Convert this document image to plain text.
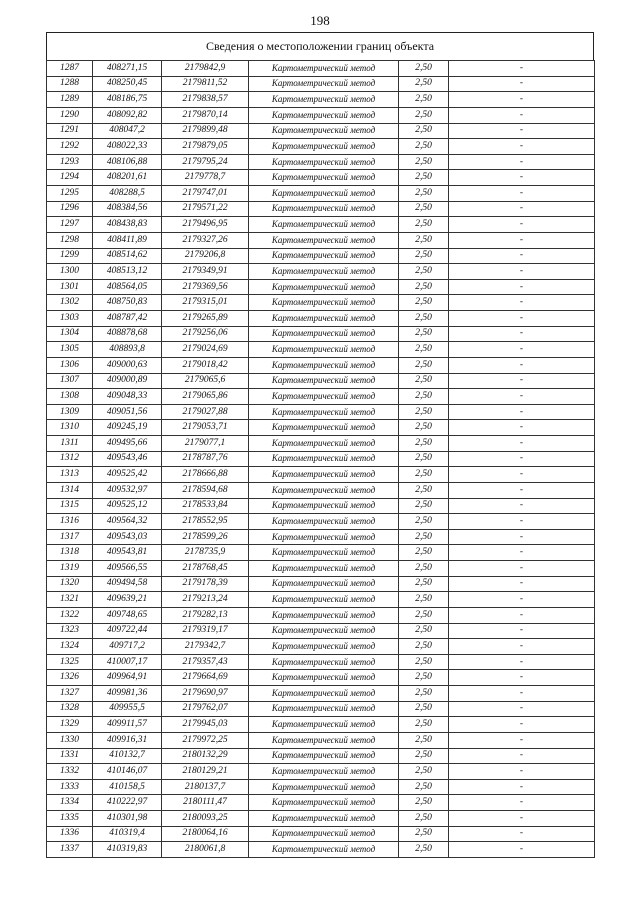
198
Сведения о местоположении границ объекта
1287	408271,15	2179842,9	Картометрический метод	2,50	-
1288	408250,45	2179811,52	Картометрический метод	2,50	-
1289	408186,75	2179838,57	Картометрический метод	2,50	-
1290	408092,82	2179870,14	Картометрический метод	2,50	-
1291	408047,2	2179899,48	Картометрический метод	2,50	-
1292	408022,33	2179879,05	Картометрический метод	2,50	-
1293	408106,88	2179795,24	Картометрический метод	2,50	-
1294	408201,61	2179778,7	Картометрический метод	2,50	-
1295	408288,5	2179747,01	Картометрический метод	2,50	-
1296	408384,56	2179571,22	Картометрический метод	2,50	-
1297	408438,83	2179496,95	Картометрический метод	2,50	-
1298	408411,89	2179327,26	Картометрический метод	2,50	-
1299	408514,62	2179206,8	Картометрический метод	2,50	-
1300	408513,12	2179349,91	Картометрический метод	2,50	-
1301	408564,05	2179369,56	Картометрический метод	2,50	-
1302	408750,83	2179315,01	Картометрический метод	2,50	-
1303	408787,42	2179265,89	Картометрический метод	2,50	-
1304	408878,68	2179256,06	Картометрический метод	2,50	-
1305	408893,8	2179024,69	Картометрический метод	2,50	-
1306	409000,63	2179018,42	Картометрический метод	2,50	-
1307	409000,89	2179065,6	Картометрический метод	2,50	-
1308	409048,33	2179065,86	Картометрический метод	2,50	-
1309	409051,56	2179027,88	Картометрический метод	2,50	-
1310	409245,19	2179053,71	Картометрический метод	2,50	-
1311	409495,66	2179077,1	Картометрический метод	2,50	-
1312	409543,46	2178787,76	Картометрический метод	2,50	-
1313	409525,42	2178666,88	Картометрический метод	2,50	-
1314	409532,97	2178594,68	Картометрический метод	2,50	-
1315	409525,12	2178533,84	Картометрический метод	2,50	-
1316	409564,32	2178552,95	Картометрический метод	2,50	-
1317	409543,03	2178599,26	Картометрический метод	2,50	-
1318	409543,81	2178735,9	Картометрический метод	2,50	-
1319	409566,55	2178768,45	Картометрический метод	2,50	-
1320	409494,58	2179178,39	Картометрический метод	2,50	-
1321	409639,21	2179213,24	Картометрический метод	2,50	-
1322	409748,65	2179282,13	Картометрический метод	2,50	-
1323	409722,44	2179319,17	Картометрический метод	2,50	-
1324	409717,2	2179342,7	Картометрический метод	2,50	-
1325	410007,17	2179357,43	Картометрический метод	2,50	-
1326	409964,91	2179664,69	Картометрический метод	2,50	-
1327	409981,36	2179690,97	Картометрический метод	2,50	-
1328	409955,5	2179762,07	Картометрический метод	2,50	-
1329	409911,57	2179945,03	Картометрический метод	2,50	-
1330	409916,31	2179972,25	Картометрический метод	2,50	-
1331	410132,7	2180132,29	Картометрический метод	2,50	-
1332	410146,07	2180129,21	Картометрический метод	2,50	-
1333	410158,5	2180137,7	Картометрический метод	2,50	-
1334	410222,97	2180111,47	Картометрический метод	2,50	-
1335	410301,98	2180093,25	Картометрический метод	2,50	-
1336	410319,4	2180064,16	Картометрический метод	2,50	-
1337	410319,83	2180061,8	Картометрический метод	2,50	-
